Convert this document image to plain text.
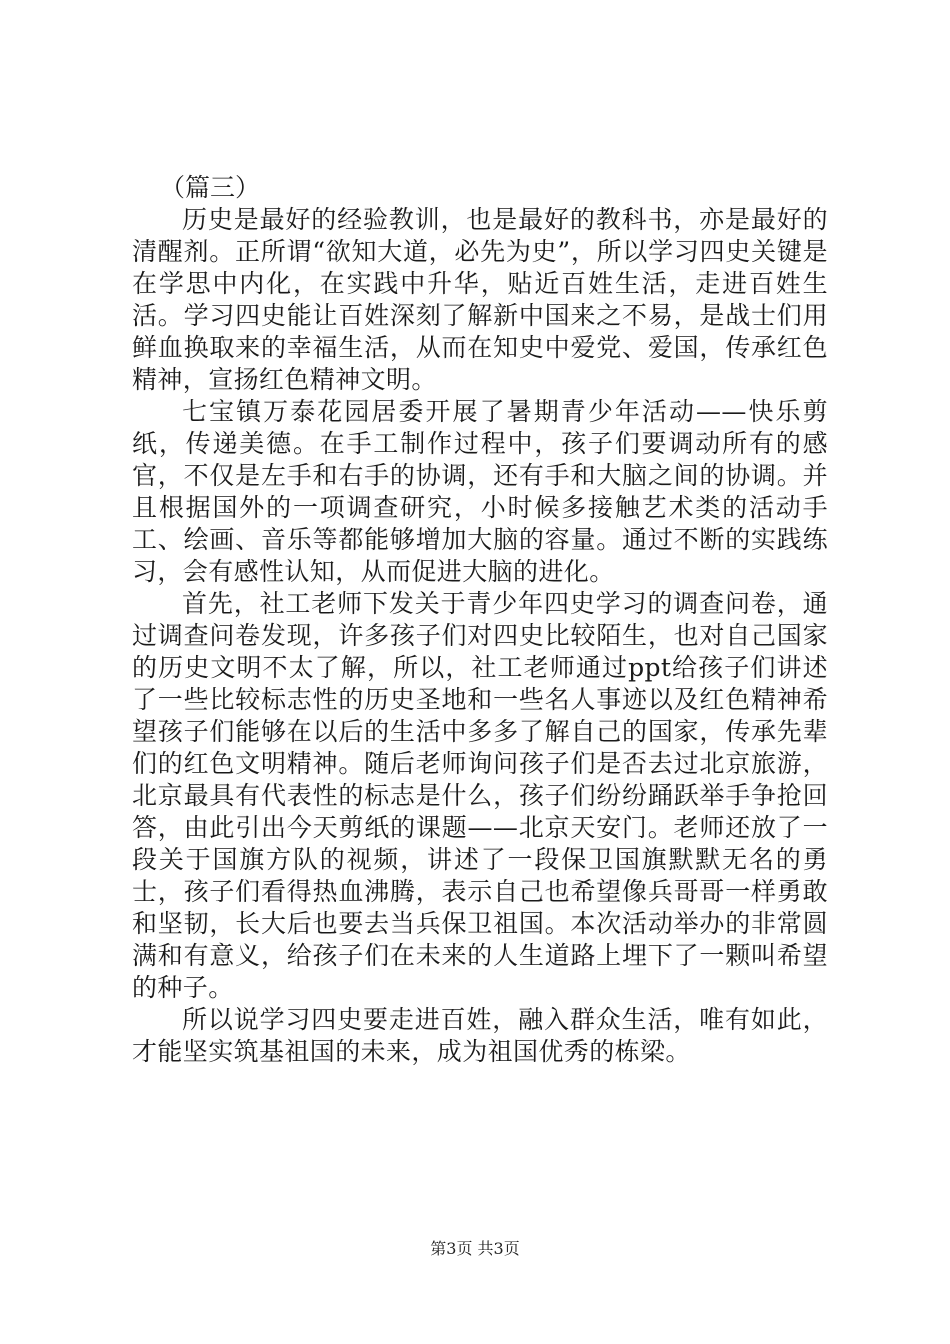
（篇三）

历史是最好的经验教训，也是最好的教科书，亦是最好的清醒剂。正所谓“欲知大道，必先为史”，所以学习四史关键是在学思中内化，在实践中升华，贴近百姓生活，走进百姓生活。学习四史能让百姓深刻了解新中国来之不易，是战士们用鲜血换取来的幸福生活，从而在知史中爱党、爱国，传承红色精神，宣扬红色精神文明。

七宝镇万泰花园居委开展了暑期青少年活动——快乐剪纸，传递美德。在手工制作过程中，孩子们要调动所有的感官，不仅是左手和右手的协调，还有手和大脑之间的协调。并且根据国外的一项调查研究，小时候多接触艺术类的活动手工、绘画、音乐等都能够增加大脑的容量。通过不断的实践练习，会有感性认知，从而促进大脑的进化。

首先，社工老师下发关于青少年四史学习的调查问卷，通过调查问卷发现，许多孩子们对四史比较陌生，也对自己国家的历史文明不太了解，所以，社工老师通过ppt给孩子们讲述了一些比较标志性的历史圣地和一些名人事迹以及红色精神希望孩子们能够在以后的生活中多多了解自己的国家，传承先辈们的红色文明精神。随后老师询问孩子们是否去过北京旅游，北京最具有代表性的标志是什么，孩子们纷纷踊跃举手争抢回答，由此引出今天剪纸的课题——北京天安门。老师还放了一段关于国旗方队的视频，讲述了一段保卫国旗默默无名的勇士，孩子们看得热血沸腾，表示自己也希望像兵哥哥一样勇敢和坚韧，长大后也要去当兵保卫祖国。本次活动举办的非常圆满和有意义，给孩子们在未来的人生道路上埋下了一颗叫希望的种子。

所以说学习四史要走进百姓，融入群众生活，唯有如此，才能坚实筑基祖国的未来，成为祖国优秀的栋梁。

第3页 共3页
